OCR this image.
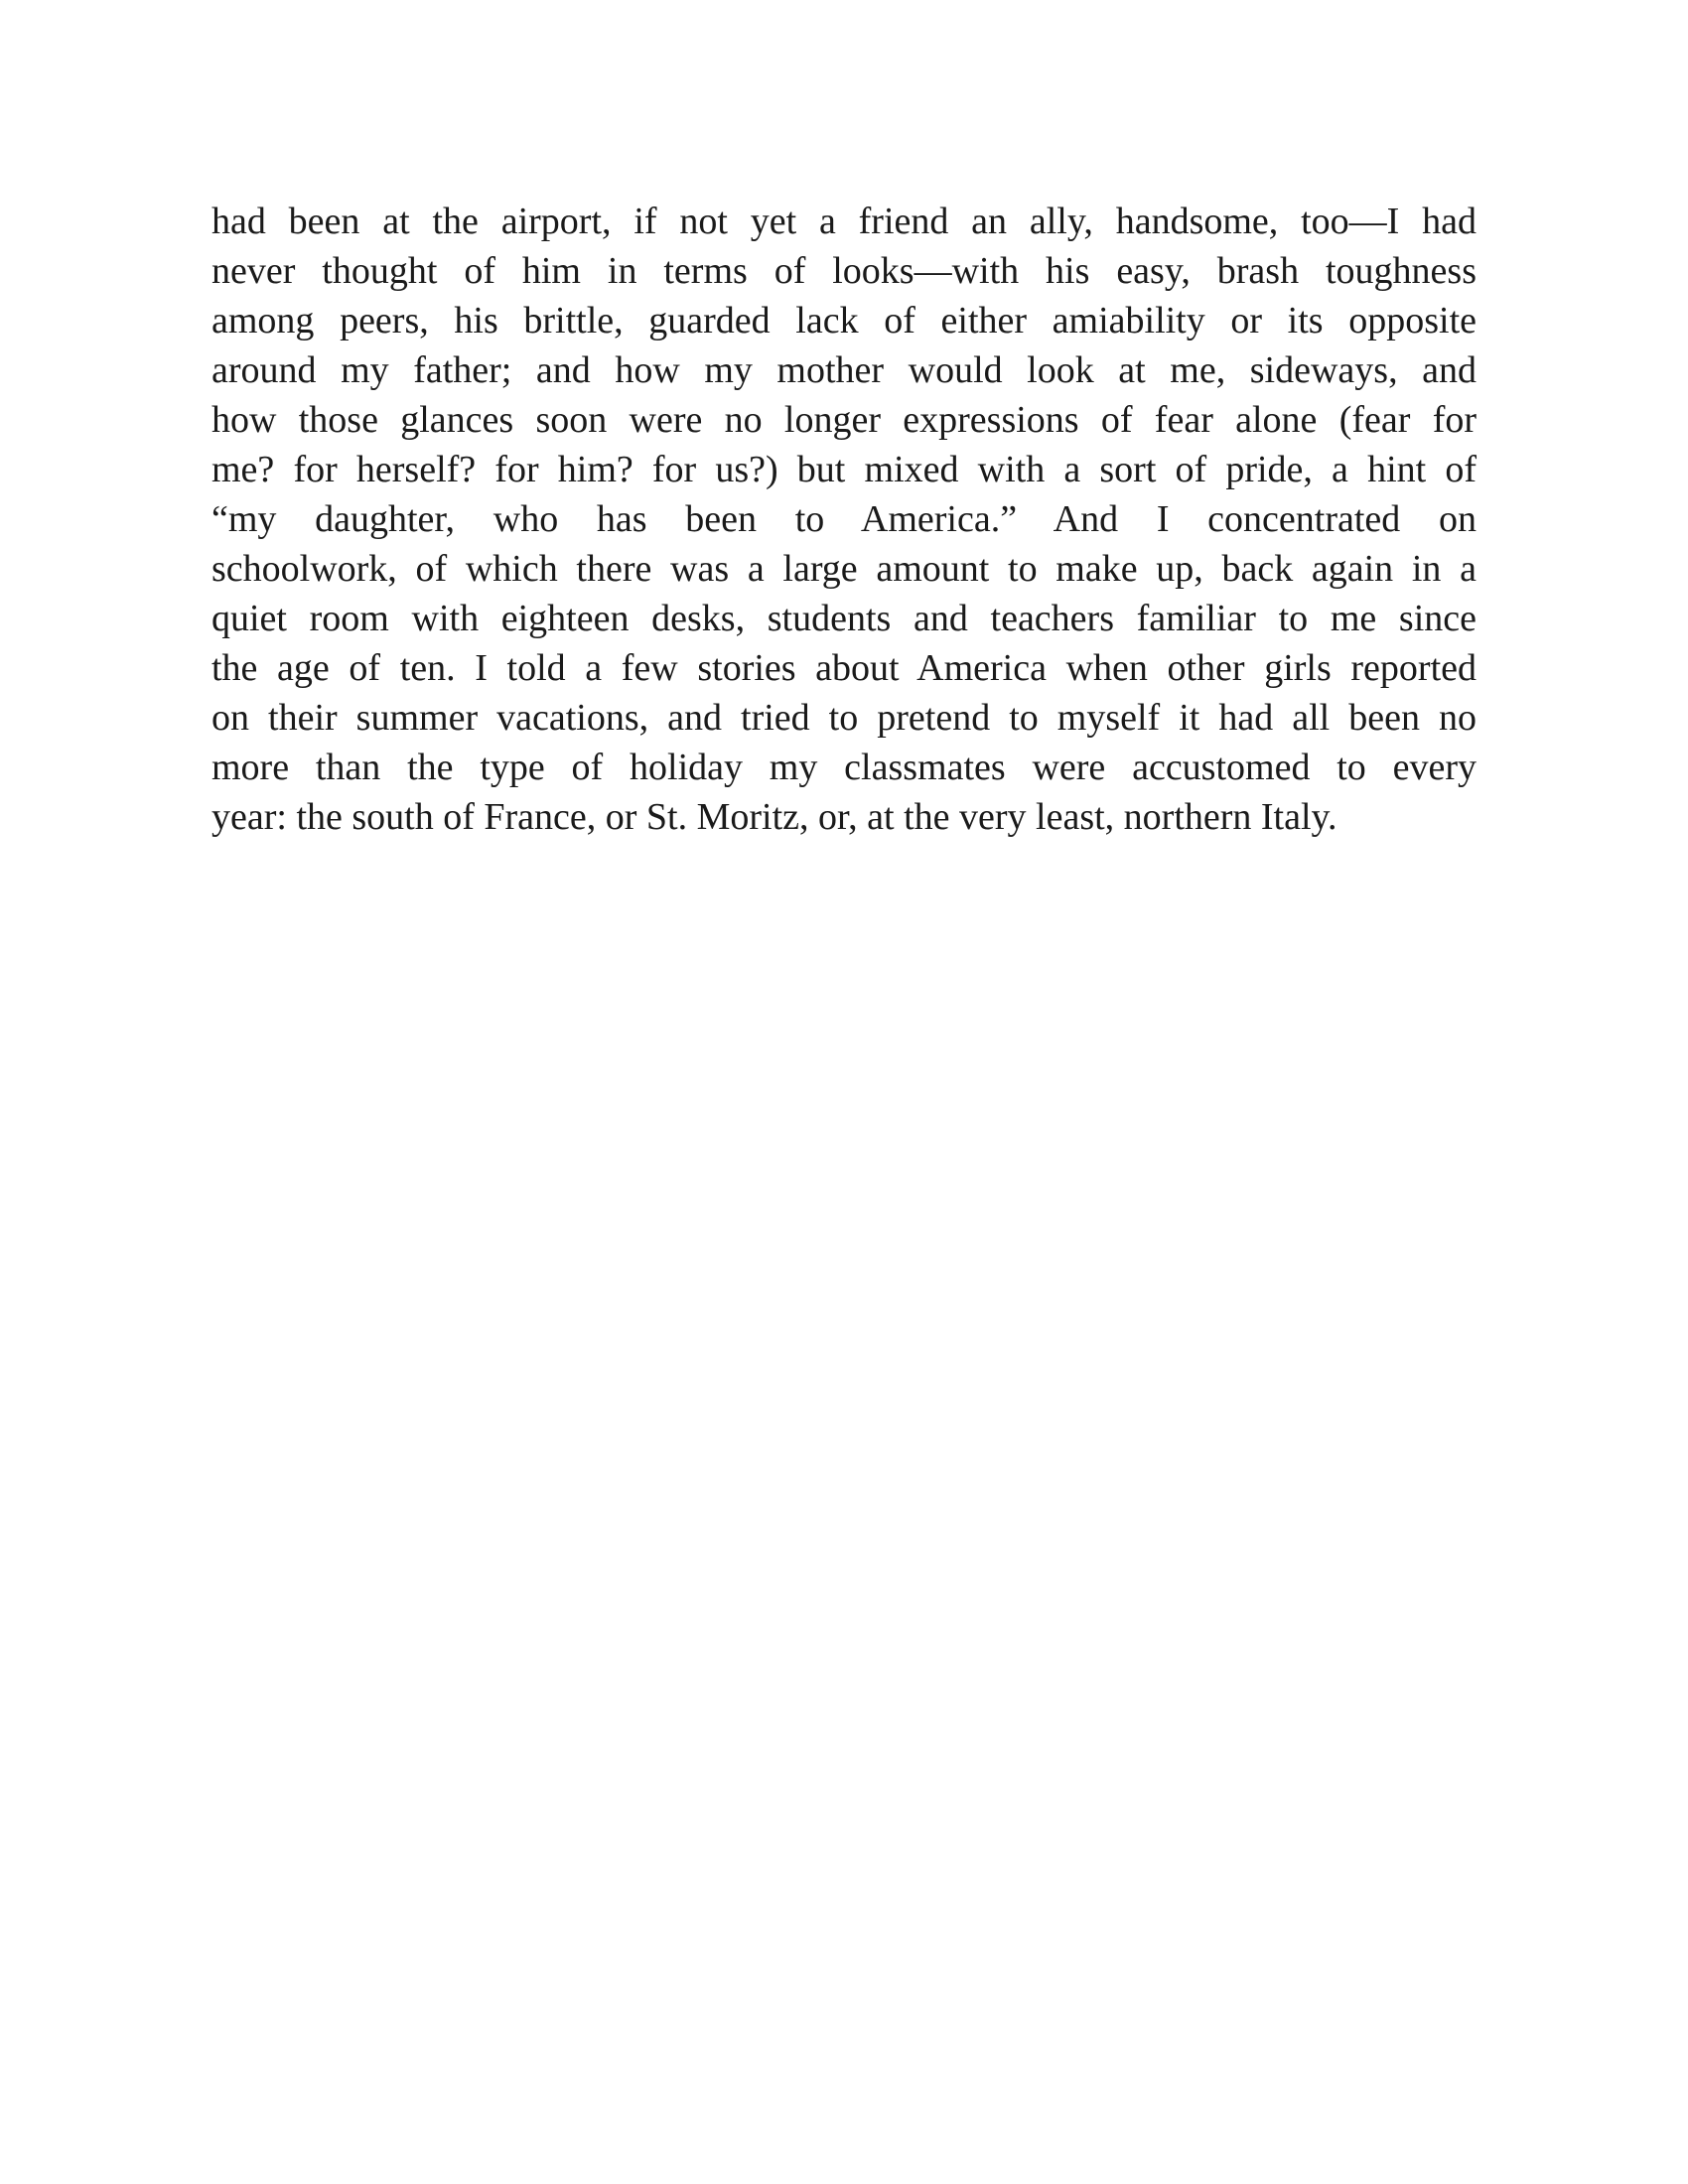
had been at the airport, if not yet a friend an ally, handsome, too—I had
never thought of him in terms of looks—with his easy, brash toughness
among peers, his brittle, guarded lack of either amiability or its opposite
around my father; and how my mother would look at me, sideways, and
how those glances soon were no longer expressions of fear alone (fear for
me? for herself? for him? for us?) but mixed with a sort of pride, a hint of
“my daughter, who has been to America.” And I concentrated on
schoolwork, of which there was a large amount to make up, back again in a
quiet room with eighteen desks, students and teachers familiar to me since
the age of ten. I told a few stories about America when other girls reported
on their summer vacations, and tried to pretend to myself it had all been no
more than the type of holiday my classmates were accustomed to every
year: the south of France, or St. Moritz, or, at the very least, northern Italy.
